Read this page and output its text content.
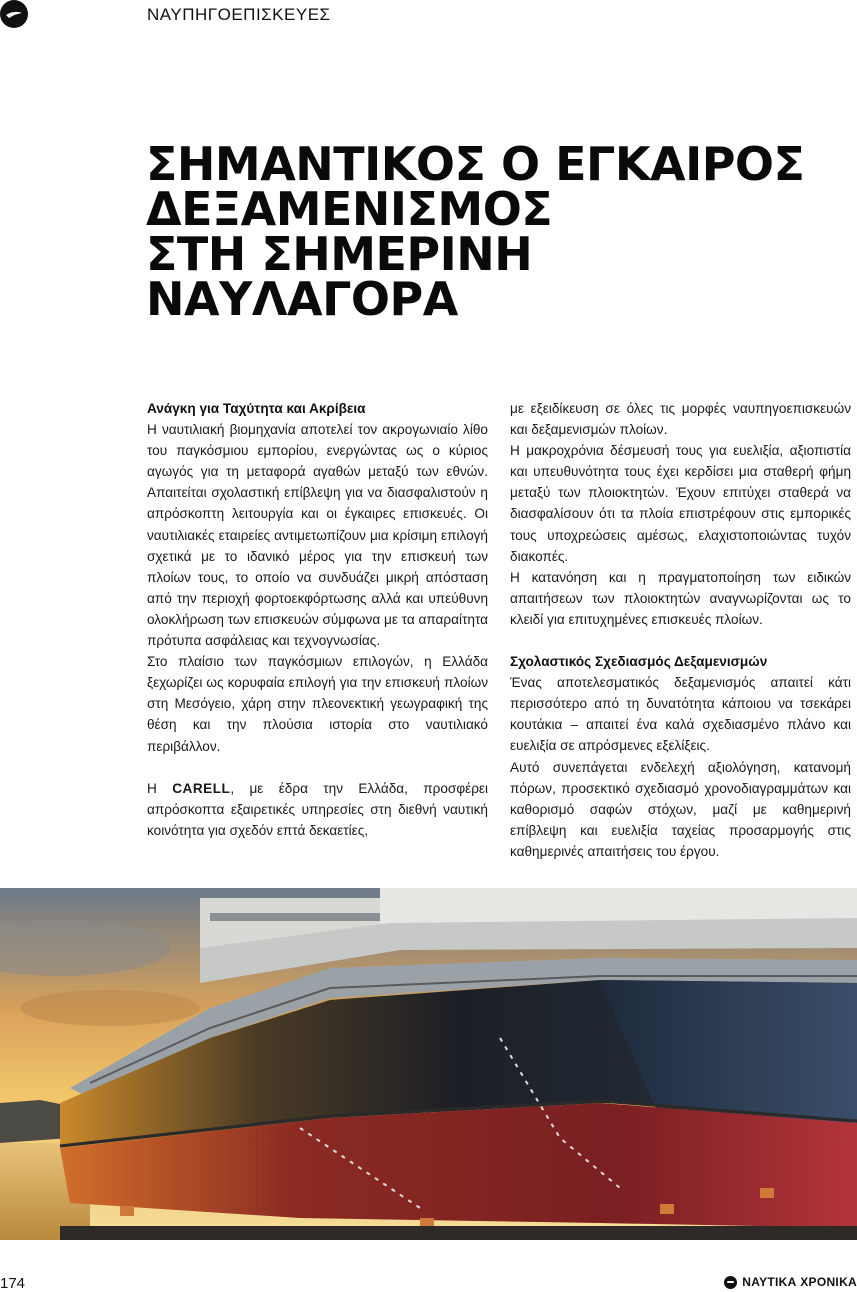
ΝΑΥΠΗΓΟΕΠΙΣΚΕΥΕΣ
ΣΗΜΑΝΤΙΚΟΣ Ο ΕΓΚΑΙΡΟΣ
ΔΕΞΑΜΕΝΙΣΜΟΣ
ΣΤΗ ΣΗΜΕΡΙΝΗ ΝΑΥΛΑΓΟΡΑ
Ανάγκη για Ταχύτητα και Ακρίβεια

Η ναυτιλιακή βιομηχανία αποτελεί τον ακρογωνιαίο λίθο του παγκόσμιου εμπορίου, ενεργώντας ως ο κύριος αγωγός για τη μεταφορά αγαθών μεταξύ των εθνών. Απαιτείται σχολαστική επίβλεψη για να διασφαλιστούν η απρόσκοπτη λειτουργία και οι έγκαιρες επισκευές. Οι ναυτιλιακές εταιρείες αντιμετωπίζουν μια κρίσιμη επιλογή σχετικά με το ιδανικό μέρος για την επισκευή των πλοίων τους, το οποίο να συνδυάζει μικρή απόσταση από την περιοχή φορτοεκφόρτωσης αλλά και υπεύθυνη ολοκλήρωση των επισκευών σύμφωνα με τα απαραίτητα πρότυπα ασφάλειας και τεχνογνωσίας.

Στο πλαίσιο των παγκόσμιων επιλογών, η Ελλάδα ξεχωρίζει ως κορυφαία επιλογή για την επισκευή πλοίων στη Μεσόγειο, χάρη στην πλεονεκτική γεωγραφική της θέση και την πλούσια ιστορία στο ναυτιλιακό περιβάλλον.

Η CARELL, με έδρα την Ελλάδα, προσφέρει απρόσκοπτα εξαιρετικές υπηρεσίες στη διεθνή ναυτική κοινότητα για σχεδόν επτά δεκαετίες,

με εξειδίκευση σε όλες τις μορφές ναυπηγοεπισκευών και δεξαμενισμών πλοίων.

Η μακροχρόνια δέσμευσή τους για ευελιξία, αξιοπιστία και υπευθυνότητα τους έχει κερδίσει μια σταθερή φήμη μεταξύ των πλοιοκτητών. Έχουν επιτύχει σταθερά να διασφαλίσουν ότι τα πλοία επιστρέφουν στις εμπορικές τους υποχρεώσεις αμέσως, ελαχιστοποιώντας τυχόν διακοπές.

Η κατανόηση και η πραγματοποίηση των ειδικών απαιτήσεων των πλοιοκτητών αναγνωρίζονται ως το κλειδί για επιτυχημένες επισκευές πλοίων.

Σχολαστικός Σχεδιασμός Δεξαμενισμών

Ένας αποτελεσματικός δεξαμενισμός απαιτεί κάτι περισσότερο από τη δυνατότητα κάποιου να τσεκάρει κουτάκια – απαιτεί ένα καλά σχεδιασμένο πλάνο και ευελιξία σε απρόσμενες εξελίξεις.

Αυτό συνεπάγεται ενδελεχή αξιολόγηση, κατανομή πόρων, προσεκτικό σχεδιασμό χρονοδιαγραμμάτων και καθορισμό σαφών στόχων, μαζί με καθημερινή επίβλεψη και ευελιξία ταχείας προσαρμογής στις καθημερινές απαιτήσεις του έργου.

174	ΝΑΥΤΙΚΑ ΧΡΟΝΙΚΑ
